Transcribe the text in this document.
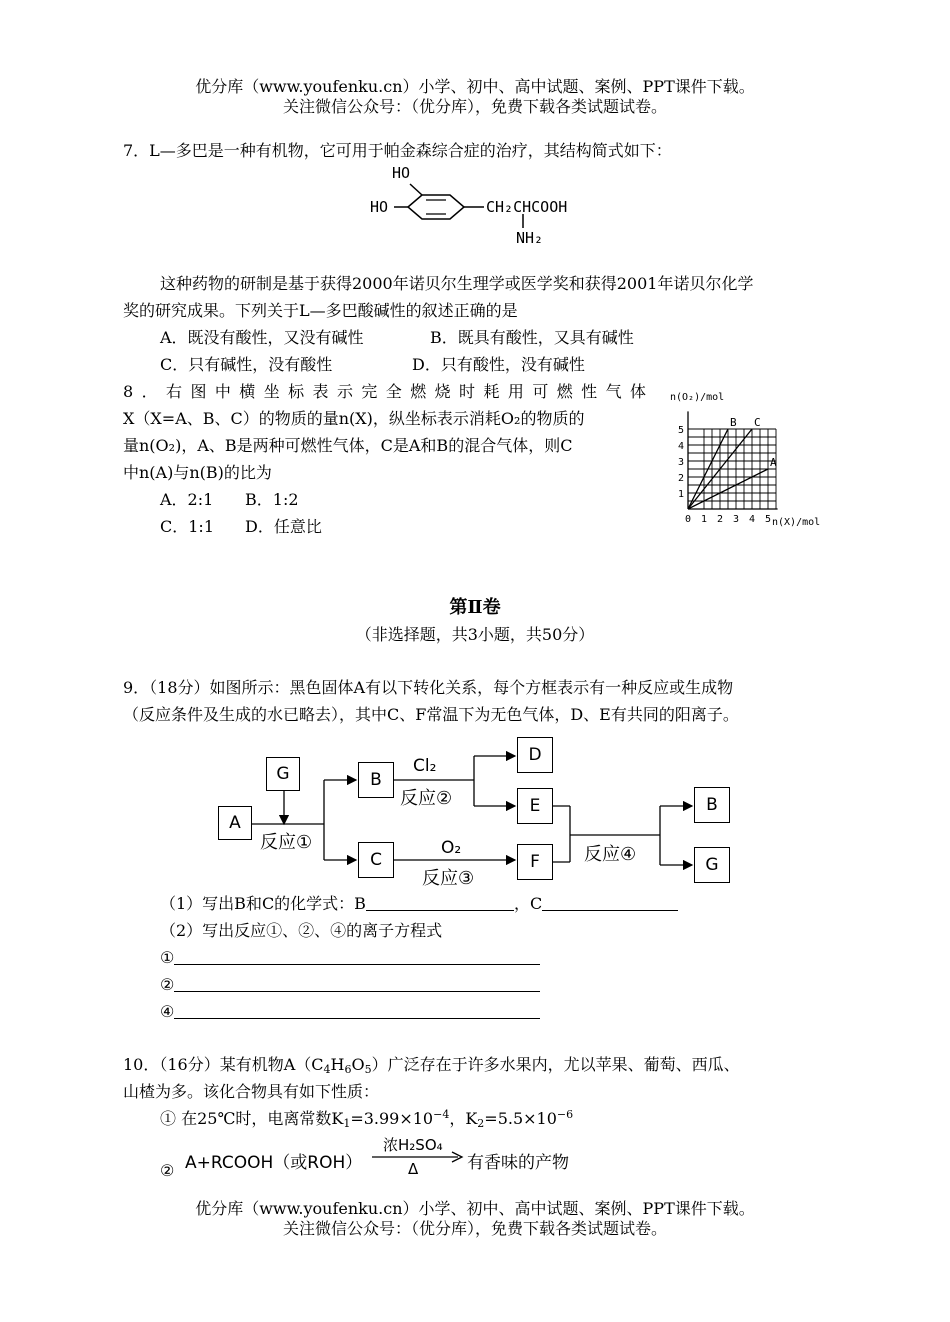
优分库（www.youfenku.cn）小学、初中、高中试题、案例、PPT课件下载。
关注微信公众号：（优分库），免费下载各类试题试卷。
7．L—多巴是一种有机物，它可用于帕金森综合症的治疗，其结构简式如下：
HO
HO	CH₂CHCOOH
NH₂
这种药物的研制是基于获得2000年诺贝尔生理学或医学奖和获得2001年诺贝尔化学
奖的研究成果。下列关于L—多巴酸碱性的叙述正确的是
A．既没有酸性，又没有碱性	B．既具有酸性，又具有碱性
C．只有碱性，没有酸性	D．只有酸性，没有碱性
8．右图中横坐标表示完全燃烧时耗用可燃性气体
X（X=A、B、C）的物质的量n(X)，纵坐标表示消耗O₂的物质的
量n(O₂)，A、B是两种可燃性气体，C是A和B的混合气体，则C
中n(A)与n(B)的比为
A．2:1 B．1:2
C．1:1 D．任意比
B C
A
0 1 2 3 4 5
1
2
3
4
5
n(X)/mol
n(O₂)/mol
第Ⅱ卷
（非选择题，共3小题，共50分）
9．（18分）如图所示：黑色固体A有以下转化关系，每个方框表示有一种反应或生成物
（反应条件及生成的水已略去），其中C、F常温下为无色气体，D、E有共同的阳离子。
A
G	B
C
D
E
F
B
G
Cl₂
反应②
反应①	O₂
反应③
反应④
（1）写出B和C的化学式：B	，C
（2）写出反应①、②、④的离子方程式
①
②
④
10．（16分）某有机物$A(C_4H_6O_5)$广泛存在于许多水果内，尤以苹果、葡萄、西瓜、
山楂为多。该化合物具有如下性质：
① 在25℃时，电离常数$K_1=3.99\times 10^{-4}$，$K_2=5.5\times 10^{-6}$
② A+RCOOH（或ROH）
浓H₂SO₄
Δ	有香味的产物
优分库（www.youfenku.cn）小学、初中、高中试题、案例、PPT课件下载。
关注微信公众号：（优分库），免费下载各类试题试卷。
